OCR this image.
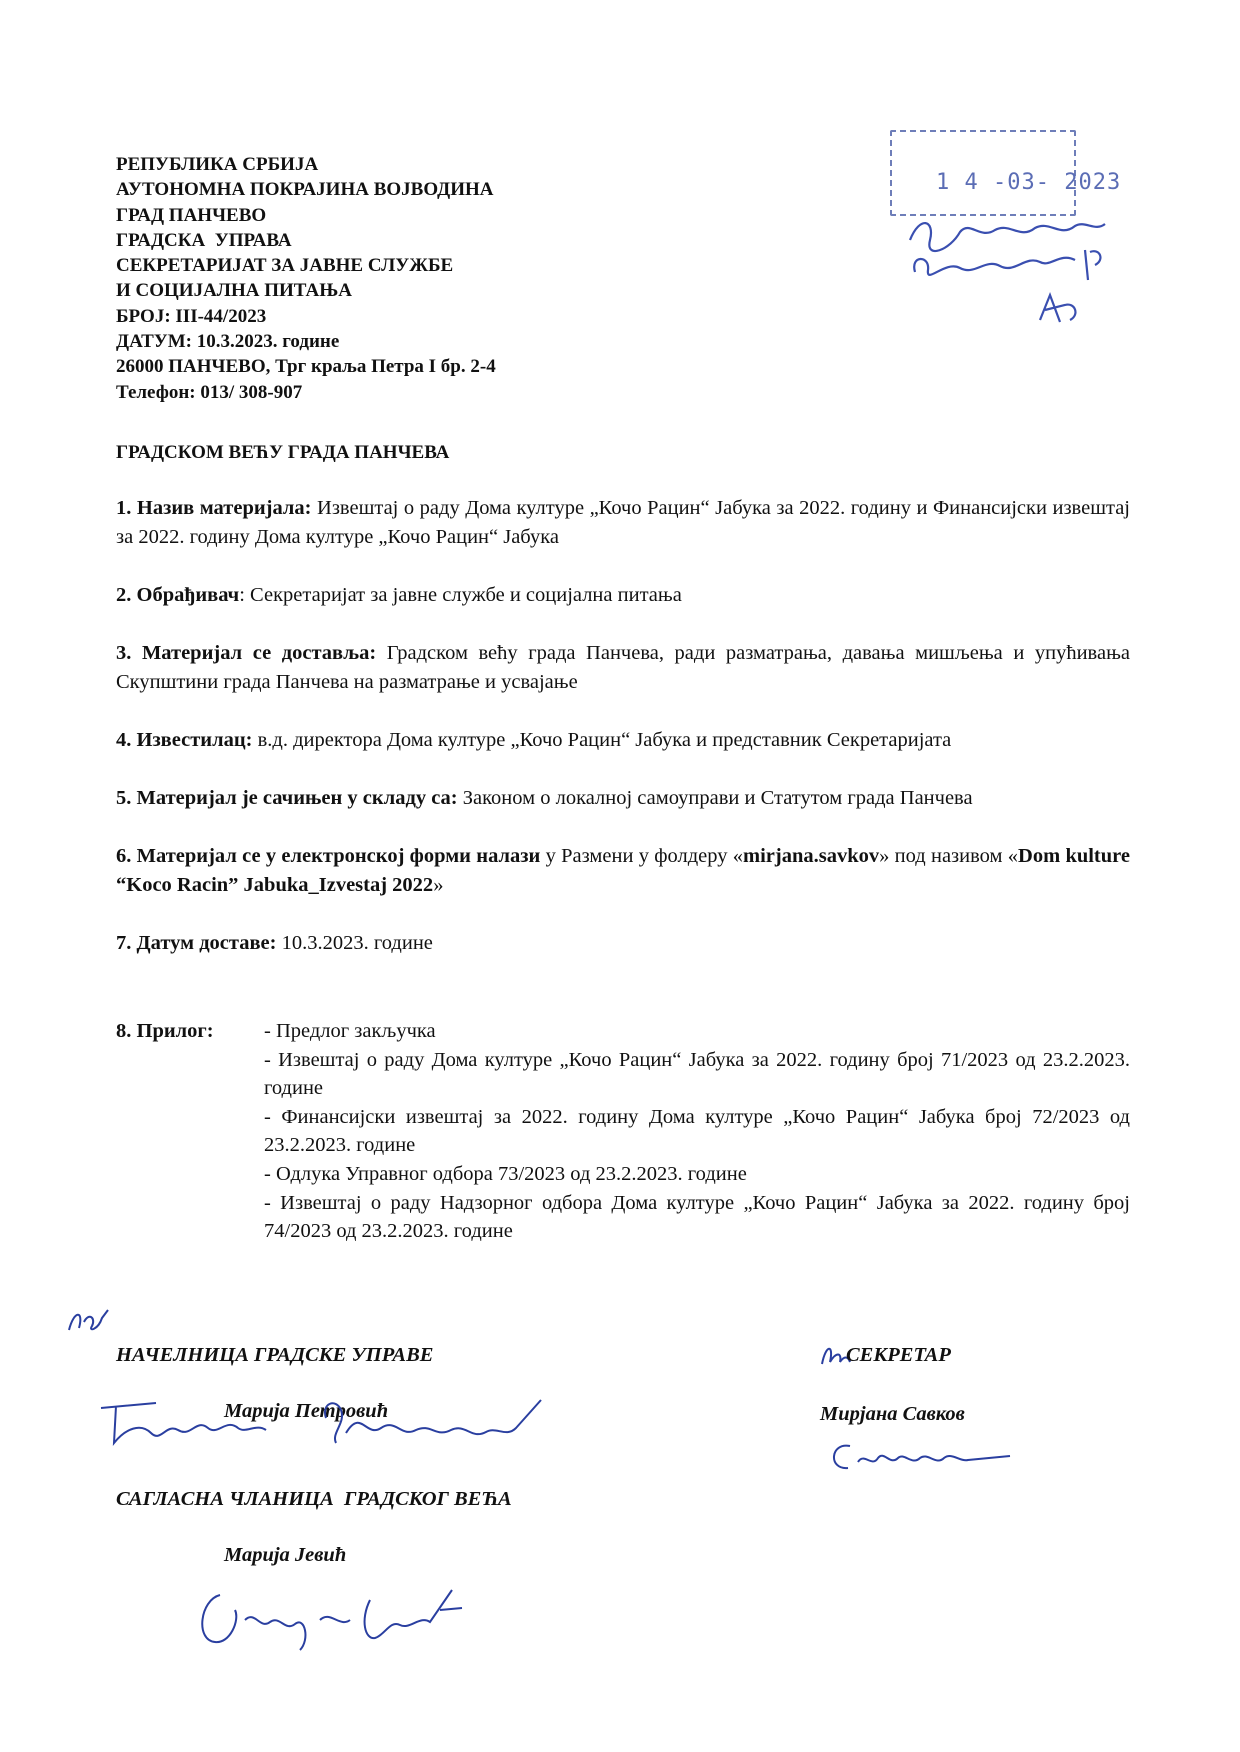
РЕПУБЛИКА СРБИЈА
АУТОНОМНА ПОКРАЈИНА ВОЈВОДИНА
ГРАД ПАНЧЕВО
ГРАДСКА  УПРАВА
СЕКРЕТАРИЈАТ ЗА ЈАВНЕ СЛУЖБЕ
И СОЦИЈАЛНА ПИТАЊА
БРОЈ: III-44/2023
ДАТУМ: 10.3.2023. године
26000 ПАНЧЕВО, Трг краља Петра I бр. 2-4
Телефон: 013/ 308-907
1 4 -03- 2023
ГРАДСКОМ ВЕЋУ ГРАДА ПАНЧЕВА

1. Назив материјала: Извештај о раду Дома културе „Кочо Рацин“ Јабука за 2022. годину и Финансијски извештај за 2022. годину Дома културе „Кочо Рацин“ Јабука

2. Обрађивач: Секретаријат за јавне службе и социјална питања

3. Материјал се доставља: Градском већу града Панчева, ради разматрања, давања мишљења и упућивања Скупштини града Панчева на разматрање и усвајање

4. Известилац: в.д. директора Дома културе „Кочо Рацин“ Јабука и представник Секретаријата

5. Материјал је сачињен у складу са: Законом о локалној самоуправи и Статутом града Панчева

6. Материјал се у електронској форми налази у Размени у фолдеру «mirjana.savkov» под називом «Dom kulture “Koco Racin” Jabuka_Izvestaj 2022»

7. Датум доставе: 10.3.2023. године

8. Прилог: - Предлог закључка
- Извештај о раду Дома културе „Кочо Рацин“ Јабука за 2022. годину број 71/2023 од 23.2.2023. године
- Финансијски извештај за 2022. годину Дома културе „Кочо Рацин“ Јабука број 72/2023 од 23.2.2023. године
- Одлука Управног одбора 73/2023 од 23.2.2023. године
- Извештај о раду Надзорног одбора Дома културе „Кочо Рацин“ Јабука за 2022. годину број 74/2023 од 23.2.2023. године
НАЧЕЛНИЦА ГРАДСКЕ УПРАВЕ
Марија Петровић
СЕКРЕТАР
Мирјана Савков
САГЛАСНА ЧЛАНИЦА  ГРАДСКОГ ВЕЋА
Марија Јевић
